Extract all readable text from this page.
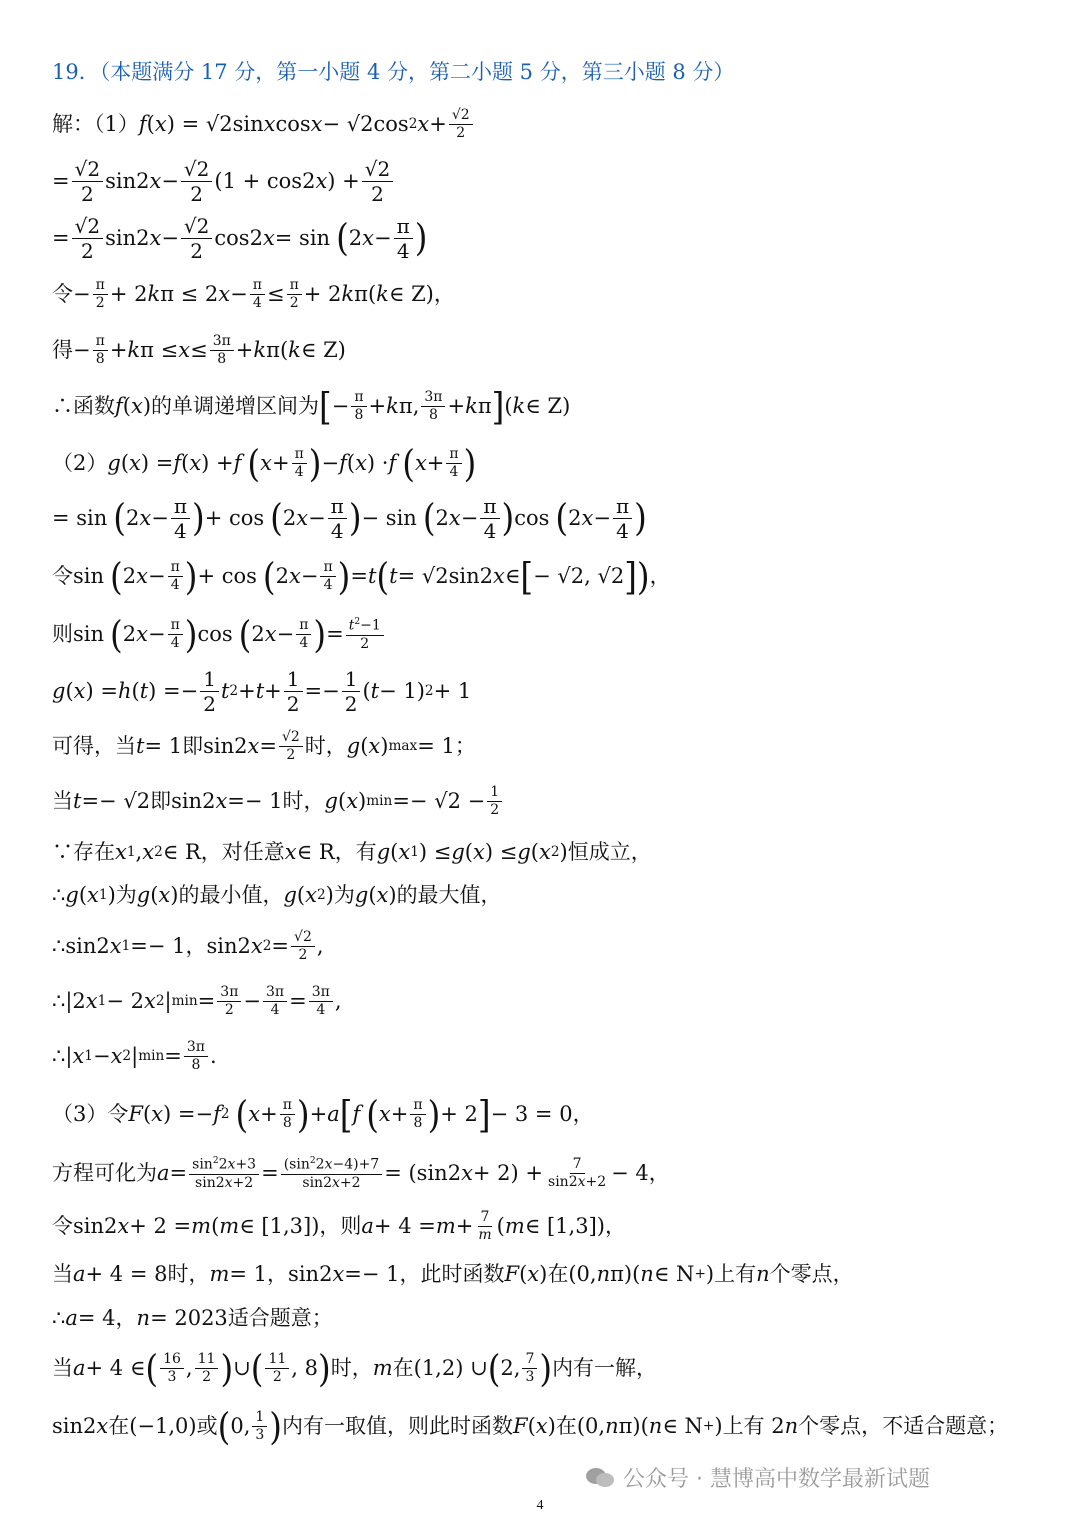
19．（本题满分 17 分，第一小题 4 分，第二小题 5 分，第三小题 8 分）
解：（1） f ( x ) = √2sin x cos x − √2cos 2 x + √2
2
= √2
2
sin2 x − √2
2
(1 + cos2 x ) + √2
2
= √2
2
sin2 x − √2
2
cos2 x = sin ( 2 x − π
4 )
令 − π
2 + 2 k π ≤ 2 x − π
4 ≤ π
2 + 2 k π( k ∈ Z)，
得 − π
8 + k π ≤ x ≤ 3π
8 + k π( k ∈ Z)
∴函数 f ( x ) 的单调递增区间为 [ − π
8 + k π, 3π
8 + k π ] ( k ∈ Z)
（2） g ( x ) = f ( x ) + f ( x + π
4 ) − f ( x ) · f ( x + π
4 )
= sin ( 2 x − π
4 ) + cos ( 2 x − π
4 ) − sin ( 2 x − π
4 ) cos ( 2 x − π
4 )
令 sin ( 2 x − π
4 ) + cos ( 2 x − π
4 ) = t ( t = √2sin2 x ∈ [ − √2, √2 ] ) ，
则 sin ( 2 x − π
4 ) cos ( 2 x − π
4 ) = $t^2-1$
2
g ( x ) = h ( t ) =− 1
2
t 2 + t + 1
2
=− 1
2
( t − 1) 2 + 1
可得，当 t = 1 即 sin2 x = √2
2 时， g ( x ) max = 1；
当 t =− √2 即 sin2 x =− 1 时， g ( x ) min =− √2 − 1
2
∵存在 x 1 , x 2 ∈ R ，对任意 x ∈ R ，有 g ( x 1 ) ≤ g ( x ) ≤ g ( x 2 ) 恒成立，
∴ g ( x 1 ) 为 g ( x ) 的最小值， g ( x 2 )为 g ( x ) 的最大值，
∴sin2 x 1 =− 1，sin2 x 2 = √2
2 ,
∴|2 x 1 − 2 x 2 | min = 3π
2 − 3π
4 = 3π
4 ,
∴| x 1 − x 2 | min = 3π
8 .
（3）令 F ( x ) =− f 2 ( x + π
8 ) + a [ f ( x + π
8 ) + 2 ] − 3 = 0，
方程可化为 $a = \sin^22x+3$
$\sin 2x+2 = (\sin^22x-4)+7$
sin2x+2 = (sin2 x + 2) + 7
sin2x+2 − 4，
令 sin2 x + 2 = m ( m ∈ [1,3]) ，则 a + 4 = m + 7
m ( m ∈ [1,3])，
当 a + 4 = 8 时， m = 1 ， sin2 x =− 1 ，此时函数 F ( x ) 在 (0, n π)( n ∈ N + ) 上有 n 个零点，
∴ a = 4， n = 2023 适合题意；
当 a + 4 ∈ ( 16
3 , 11
2 ) ∪ ( 11
2 , 8 ) 时， m 在 (1,2) ∪ ( 2, 7
3 ) 内有一解，
sin2 x 在 (−1,0) 或 ( 0, 1
3 ) 内有一取值，则此时函数 F ( x ) 在 (0, n π)( n ∈ N + ) 上有 2 n 个零点，不适合题意；
公众号 · 慧博高中数学最新试题
4
